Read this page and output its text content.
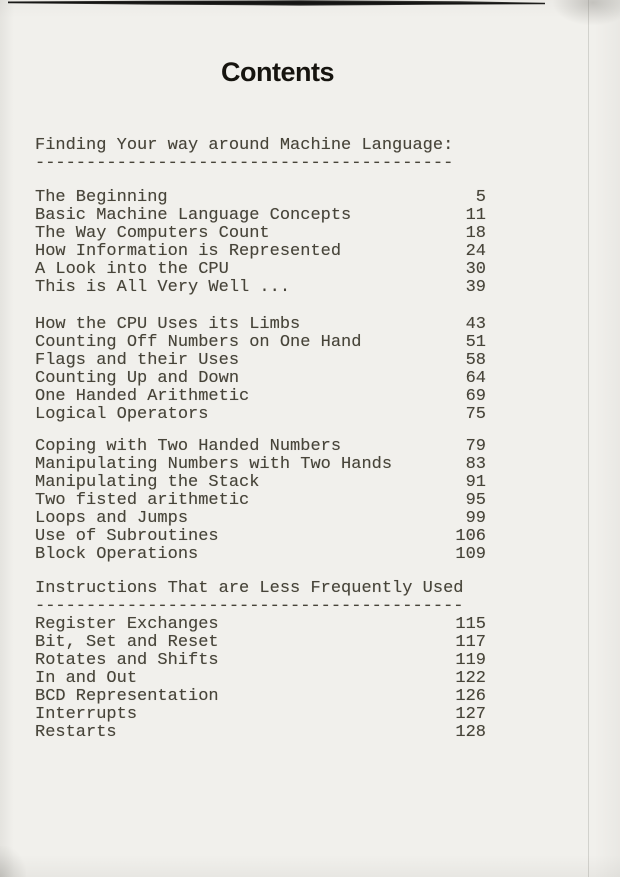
Contents
Finding Your way around Machine Language:
-----------------------------------------
The Beginning	5
Basic Machine Language Concepts	11
The Way Computers Count	18
How Information is Represented	24
A Look into the CPU	30
This is All Very Well ...	39
How the CPU Uses its Limbs	43
Counting Off Numbers on One Hand	51
Flags and their Uses	58
Counting Up and Down	64
One Handed Arithmetic	69
Logical Operators	75
Coping with Two Handed Numbers	79
Manipulating Numbers with Two Hands	83
Manipulating the Stack	91
Two fisted arithmetic	95
Loops and Jumps	99
Use of Subroutines	106
Block Operations	109
Instructions That are Less Frequently Used
------------------------------------------
Register Exchanges	115
Bit, Set and Reset	117
Rotates and Shifts	119
In and Out	122
BCD Representation	126
Interrupts	127
Restarts	128
